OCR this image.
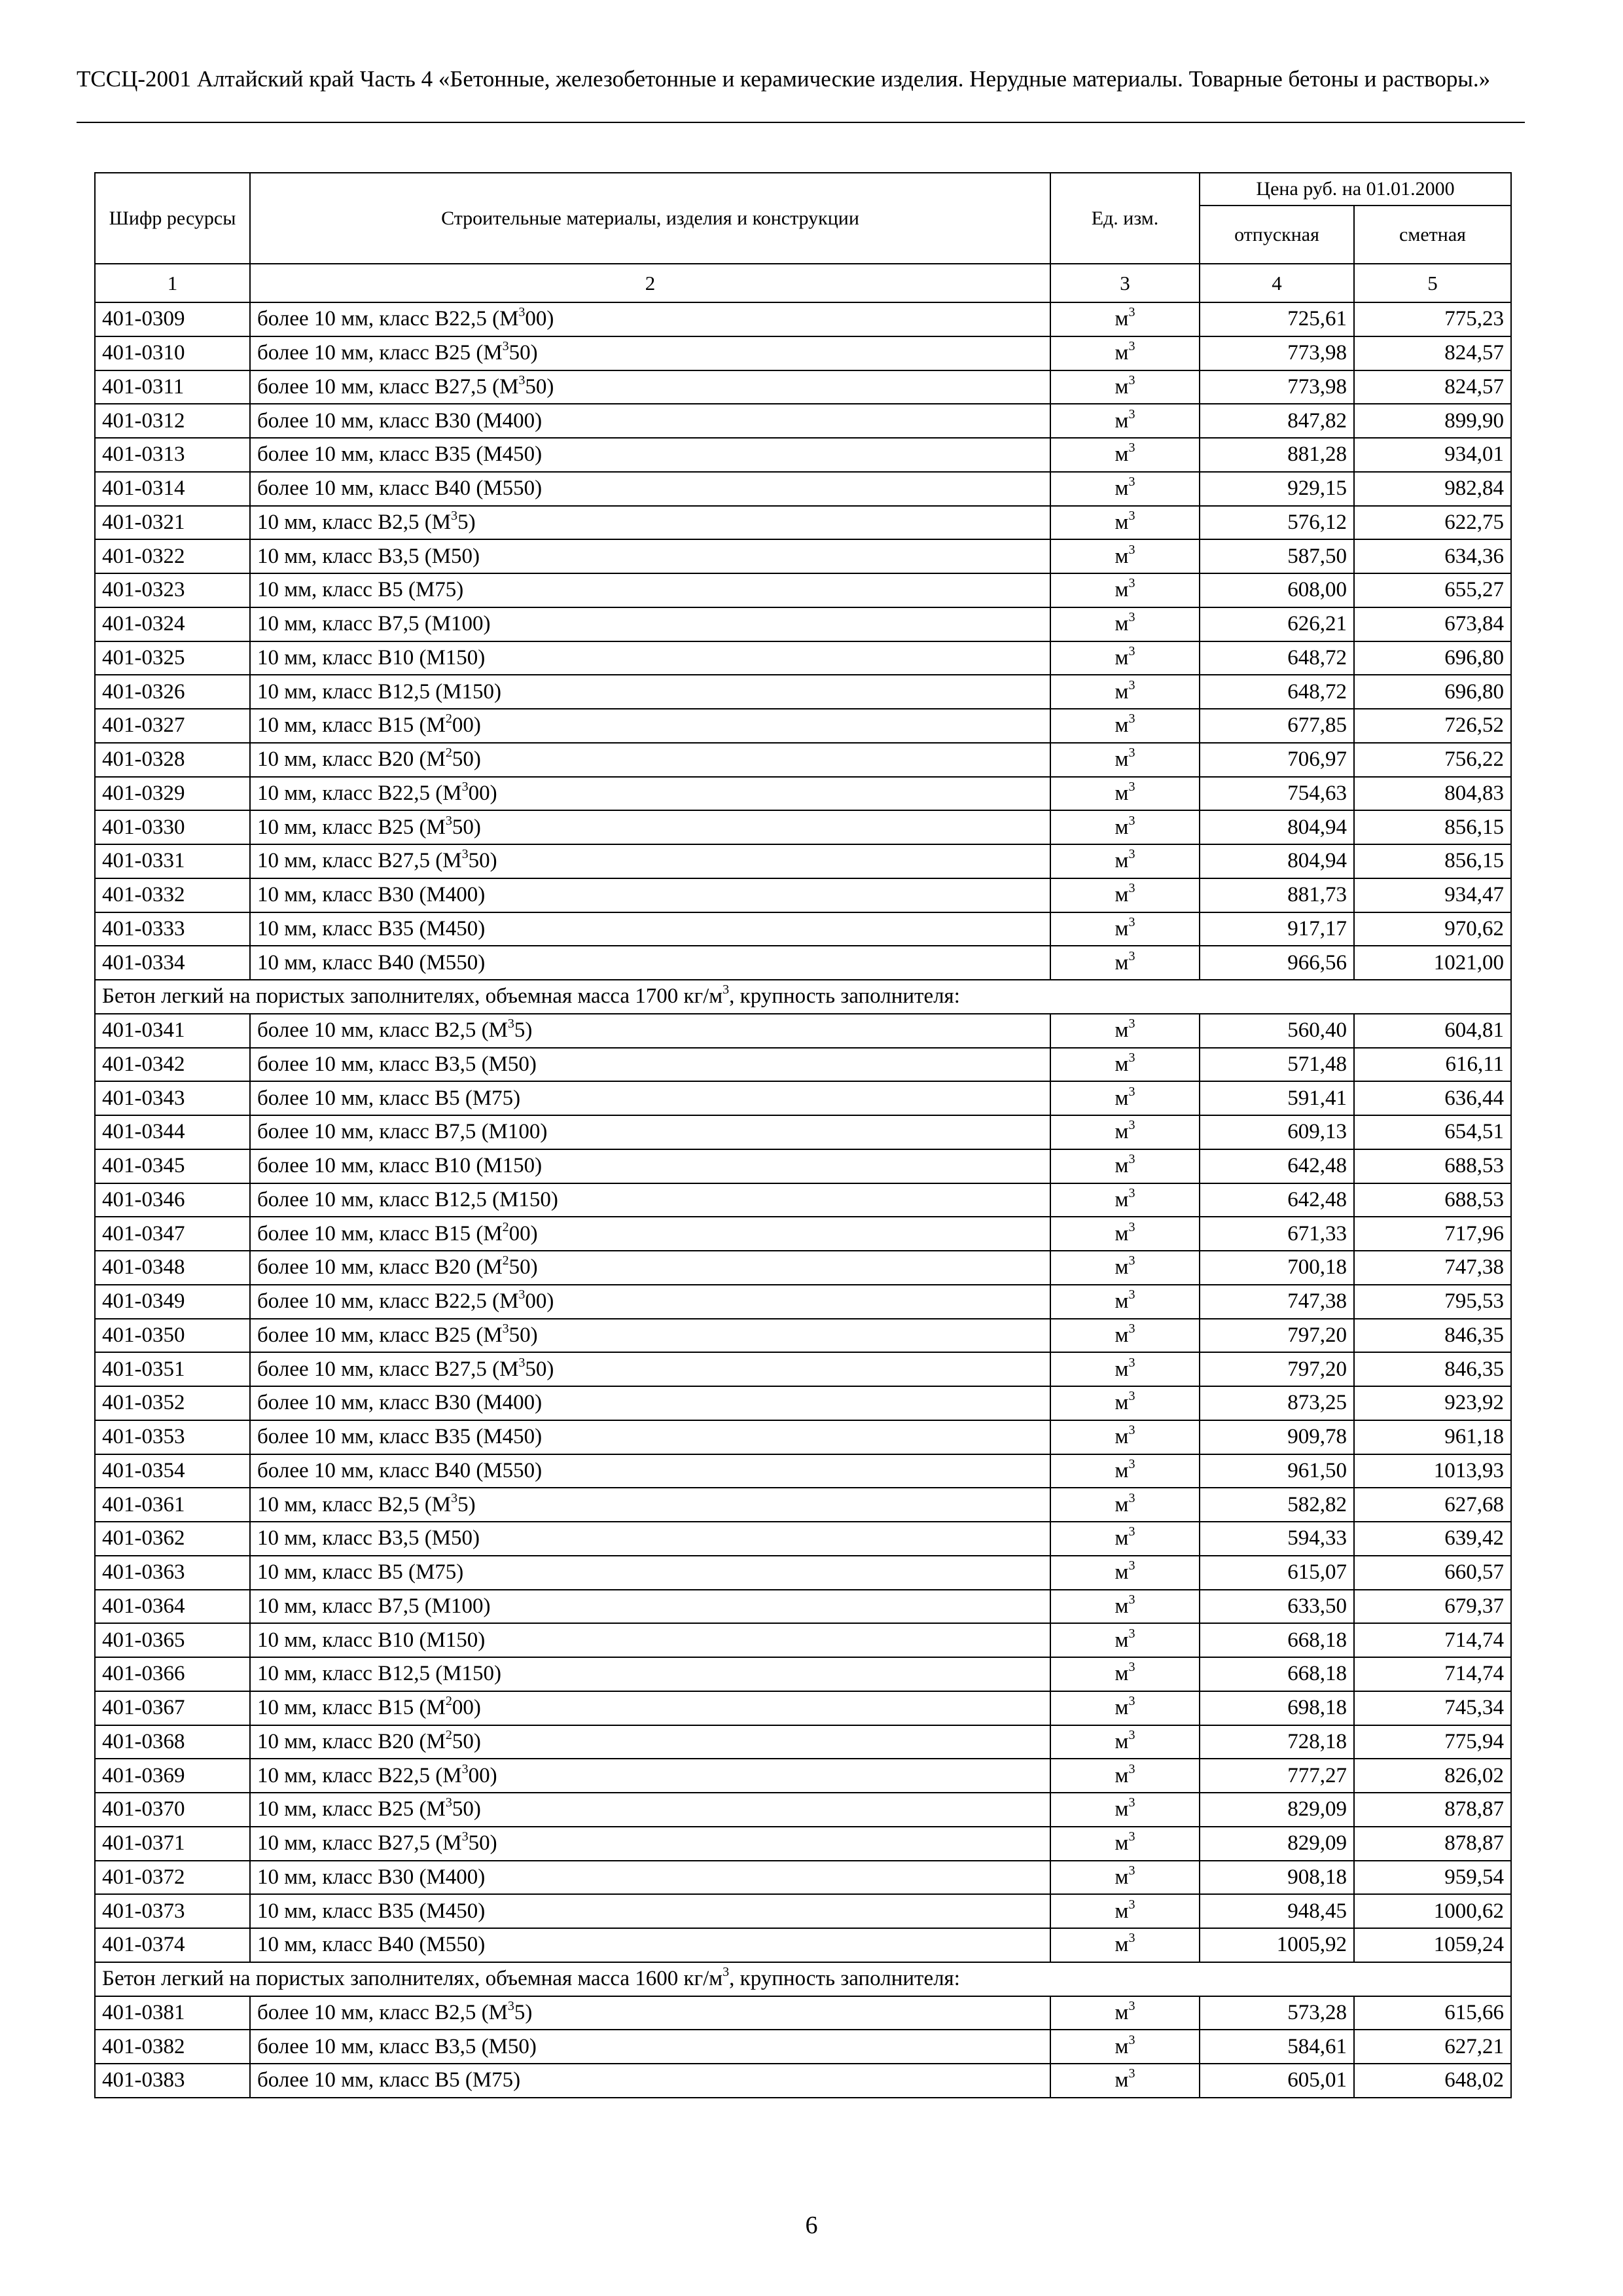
ТССЦ-2001 Алтайский край Часть 4 «Бетонные, железобетонные и керамические изделия. Нерудные материалы. Товарные бетоны и растворы.»
Шифр ресурсы	Строительные материалы, изделия и конструкции	Ед. изм.	Цена руб. на 01.01.2000	
			отпускная	сметная
1	2	3	4	5
401-0309	более 10 мм, класс В22,5 $(М^300)$	$м^3$	725,61	775,23
401-0310	более 10 мм, класс В25 $(М^350)$	$м^3$	773,98	824,57
401-0311	более 10 мм, класс В27,5 $(М^350)$	$м^3$	773,98	824,57
401-0312	более 10 мм, класс В30 (М400)	$м^3$	847,82	899,90
401-0313	более 10 мм, класс В35 (М450)	$м^3$	881,28	934,01
401-0314	более 10 мм, класс В40 (М550)	$м^3$	929,15	982,84
401-0321	10 мм, класс В2,5 $(М^35)$	$м^3$	576,12	622,75
401-0322	10 мм, класс В3,5 (М50)	$м^3$	587,50	634,36
401-0323	10 мм, класс В5 (М75)	$м^3$	608,00	655,27
401-0324	10 мм, класс В7,5 (М100)	$м^3$	626,21	673,84
401-0325	10 мм, класс В10 (М150)	$м^3$	648,72	696,80
401-0326	10 мм, класс В12,5 (М150)	$м^3$	648,72	696,80
401-0327	10 мм, класс В15 $(М^200)$	$м^3$	677,85	726,52
401-0328	10 мм, класс В20 $(М^250)$	$м^3$	706,97	756,22
401-0329	10 мм, класс В22,5 $(М^300)$	$м^3$	754,63	804,83
401-0330	10 мм, класс В25 $(М^350)$	$м^3$	804,94	856,15
401-0331	10 мм, класс В27,5 $(М^350)$	$м^3$	804,94	856,15
401-0332	10 мм, класс В30 (М400)	$м^3$	881,73	934,47
401-0333	10 мм, класс В35 (М450)	$м^3$	917,17	970,62
401-0334	10 мм, класс В40 (М550)	$м^3$	966,56	1021,00
Бетон легкий на пористых заполнителях, объемная масса 1700 $кг/м^3$, крупность заполнителя:				
401-0341	более 10 мм, класс В2,5 $(М^35)$	$м^3$	560,40	604,81
401-0342	более 10 мм, класс В3,5 (М50)	$м^3$	571,48	616,11
401-0343	более 10 мм, класс В5 (М75)	$м^3$	591,41	636,44
401-0344	более 10 мм, класс В7,5 (М100)	$м^3$	609,13	654,51
401-0345	более 10 мм, класс В10 (М150)	$м^3$	642,48	688,53
401-0346	более 10 мм, класс В12,5 (М150)	$м^3$	642,48	688,53
401-0347	более 10 мм, класс В15 $(М^200)$	$м^3$	671,33	717,96
401-0348	более 10 мм, класс В20 $(М^250)$	$м^3$	700,18	747,38
401-0349	более 10 мм, класс В22,5 $(М^300)$	$м^3$	747,38	795,53
401-0350	более 10 мм, класс В25 $(М^350)$	$м^3$	797,20	846,35
401-0351	более 10 мм, класс В27,5 $(М^350)$	$м^3$	797,20	846,35
401-0352	более 10 мм, класс В30 (М400)	$м^3$	873,25	923,92
401-0353	более 10 мм, класс В35 (М450)	$м^3$	909,78	961,18
401-0354	более 10 мм, класс В40 (М550)	$м^3$	961,50	1013,93
401-0361	10 мм, класс В2,5 $(М^35)$	$м^3$	582,82	627,68
401-0362	10 мм, класс В3,5 (М50)	$м^3$	594,33	639,42
401-0363	10 мм, класс В5 (М75)	$м^3$	615,07	660,57
401-0364	10 мм, класс В7,5 (М100)	$м^3$	633,50	679,37
401-0365	10 мм, класс В10 (М150)	$м^3$	668,18	714,74
401-0366	10 мм, класс В12,5 (М150)	$м^3$	668,18	714,74
401-0367	10 мм, класс В15 $(М^200)$	$м^3$	698,18	745,34
401-0368	10 мм, класс В20 $(М^250)$	$м^3$	728,18	775,94
401-0369	10 мм, класс В22,5 $(М^300)$	$м^3$	777,27	826,02
401-0370	10 мм, класс В25 $(М^350)$	$м^3$	829,09	878,87
401-0371	10 мм, класс В27,5 $(М^350)$	$м^3$	829,09	878,87
401-0372	10 мм, класс В30 (М400)	$м^3$	908,18	959,54
401-0373	10 мм, класс В35 (М450)	$м^3$	948,45	1000,62
401-0374	10 мм, класс В40 (М550)	$м^3$	1005,92	1059,24
Бетон легкий на пористых заполнителях, объемная масса 1600 $кг/м^3$, крупность заполнителя:				
401-0381	более 10 мм, класс В2,5 $(М^35)$	$м^3$	573,28	615,66
401-0382	более 10 мм, класс В3,5 (М50)	$м^3$	584,61	627,21
401-0383	более 10 мм, класс В5 (М75)	$м^3$	605,01	648,02
6
